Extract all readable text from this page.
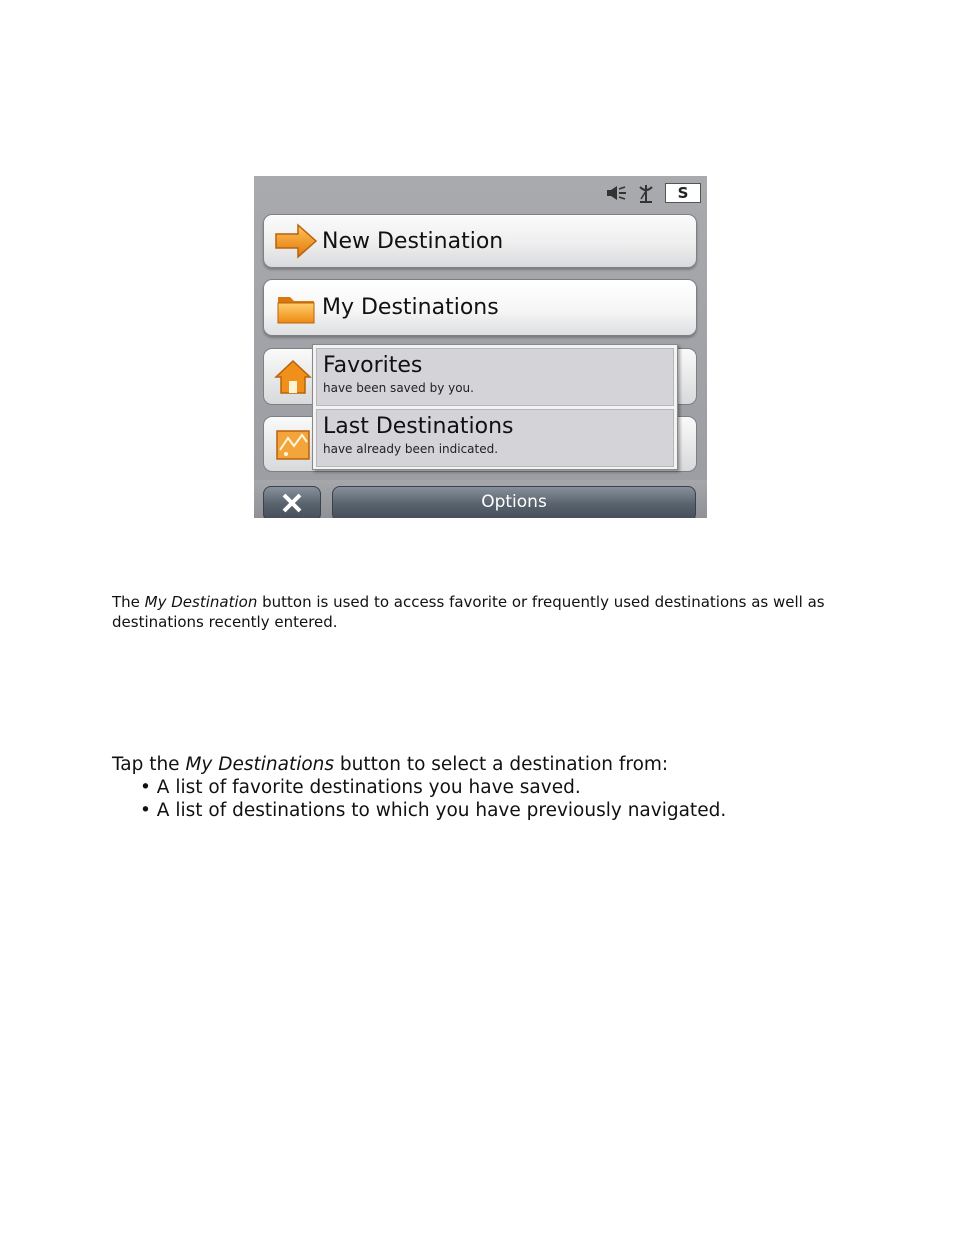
S
New Destination
My Destinations
Favorites
have been saved by you.
Last Destinations
have already been indicated.
Options
The My Destination button is used to access favorite or frequently used destinations as well as destinations recently entered.
Tap the My Destinations button to select a destination from:
• A list of favorite destinations you have saved.
• A list of destinations to which you have previously navigated.
